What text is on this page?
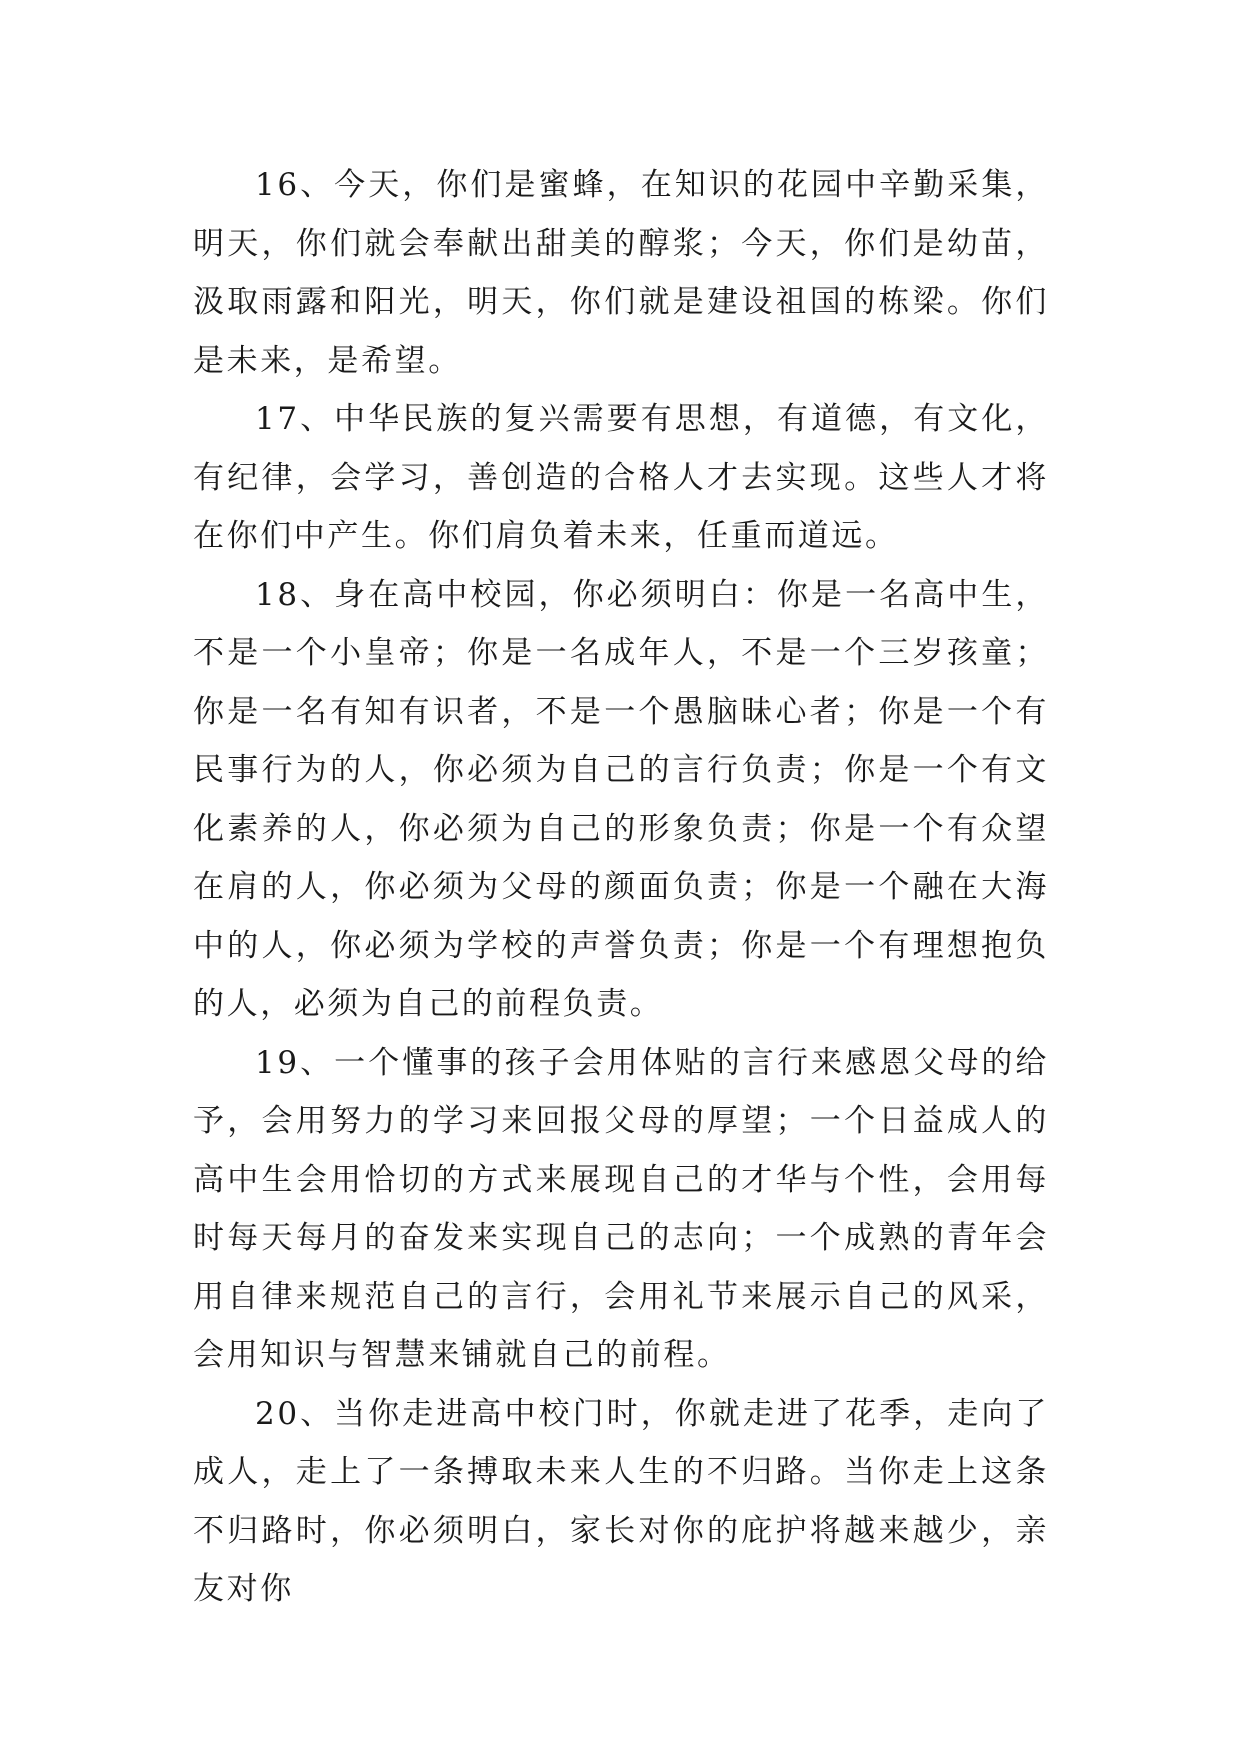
16、今天，你们是蜜蜂，在知识的花园中辛勤采集，明天，你们就会奉献出甜美的醇浆；今天，你们是幼苗，汲取雨露和阳光，明天，你们就是建设祖国的栋梁。你们是未来，是希望。

17、中华民族的复兴需要有思想，有道德，有文化，有纪律，会学习，善创造的合格人才去实现。这些人才将在你们中产生。你们肩负着未来，任重而道远。

18、身在高中校园，你必须明白：你是一名高中生，不是一个小皇帝；你是一名成年人，不是一个三岁孩童；你是一名有知有识者，不是一个愚脑昧心者；你是一个有民事行为的人，你必须为自己的言行负责；你是一个有文化素养的人，你必须为自己的形象负责；你是一个有众望在肩的人，你必须为父母的颜面负责；你是一个融在大海中的人，你必须为学校的声誉负责；你是一个有理想抱负的人，必须为自己的前程负责。

19、一个懂事的孩子会用体贴的言行来感恩父母的给予，会用努力的学习来回报父母的厚望；一个日益成人的高中生会用恰切的方式来展现自己的才华与个性，会用每时每天每月的奋发来实现自己的志向；一个成熟的青年会用自律来规范自己的言行，会用礼节来展示自己的风采，会用知识与智慧来铺就自己的前程。

20、当你走进高中校门时，你就走进了花季，走向了成人，走上了一条搏取未来人生的不归路。当你走上这条不归路时，你必须明白，家长对你的庇护将越来越少，亲友对你
